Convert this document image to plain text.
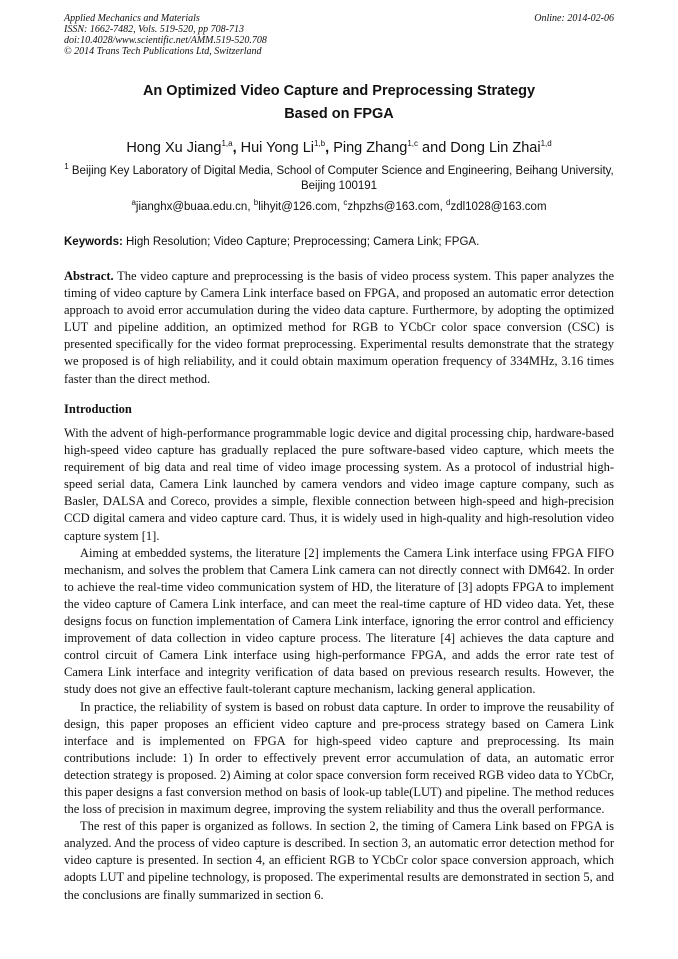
Applied Mechanics and Materials
ISSN: 1662-7482, Vols. 519-520, pp 708-713
doi:10.4028/www.scientific.net/AMM.519-520.708
© 2014 Trans Tech Publications Ltd, Switzerland
Online: 2014-02-06
An Optimized Video Capture and Preprocessing Strategy
Based on FPGA
Hong Xu Jiang$^{1,a}$, Hui Yong Li$^{1,b}$, Ping Zhang$^{1,c}$ and Dong Lin Zhai$^{1,d}$
$^1$ Beijing Key Laboratory of Digital Media, School of Computer Science and Engineering, Beihang University, Beijing 100191
$^a$jianghx@buaa.edu.cn, $^b$lihyit@126.com, $^c$zhpzhs@163.com, $^d$zdl1028@163.com
Keywords: High Resolution; Video Capture; Preprocessing; Camera Link; FPGA.
Abstract. The video capture and preprocessing is the basis of video process system. This paper analyzes the timing of video capture by Camera Link interface based on FPGA, and proposed an automatic error detection approach to avoid error accumulation during the video data capture. Furthermore, by adopting the optimized LUT and pipeline addition, an optimized method for RGB to YCbCr color space conversion (CSC) is presented specifically for the video format preprocessing. Experimental results demonstrate that the strategy we proposed is of high reliability, and it could obtain maximum operation frequency of 334MHz, 3.16 times faster than the direct method.
Introduction

With the advent of high-performance programmable logic device and digital processing chip, hardware-based high-speed video capture has gradually replaced the pure software-based video capture, which meets the requirement of big data and real time of video image processing system. As a protocol of industrial high-speed serial data, Camera Link launched by camera vendors and video image capture company, such as Basler, DALSA and Coreco, provides a simple, flexible connection between high-speed and high-precision CCD digital camera and video capture card. Thus, it is widely used in high-quality and high-resolution video capture system [1].

Aiming at embedded systems, the literature [2] implements the Camera Link interface using FPGA FIFO mechanism, and solves the problem that Camera Link camera can not directly connect with DM642. In order to achieve the real-time video communication system of HD, the literature of [3] adopts FPGA to implement the video capture of Camera Link interface, and can meet the real-time capture of HD video data. Yet, these designs focus on function implementation of Camera Link interface, ignoring the error control and efficiency improvement of data collection in video capture process. The literature [4] achieves the data capture and control circuit of Camera Link interface using high-performance FPGA, and adds the error rate test of Camera Link interface and integrity verification of data based on previous research results. However, the study does not give an effective fault-tolerant capture mechanism, lacking general application.

In practice, the reliability of system is based on robust data capture. In order to improve the reusability of design, this paper proposes an efficient video capture and pre-process strategy based on Camera Link interface and is implemented on FPGA for high-speed video capture and preprocessing. Its main contributions include: 1) In order to effectively prevent error accumulation of data, an automatic error detection strategy is proposed. 2) Aiming at color space conversion form received RGB video data to YCbCr, this paper designs a fast conversion method on basis of look-up table(LUT) and pipeline. The method reduces the loss of precision in maximum degree, improving the system reliability and thus the overall performance.

The rest of this paper is organized as follows. In section 2, the timing of Camera Link based on FPGA is analyzed. And the process of video capture is described. In section 3, an automatic error detection method for video capture is presented. In section 4, an efficient RGB to YCbCr color space conversion approach, which adopts LUT and pipeline technology, is proposed. The experimental results are demonstrated in section 5, and the conclusions are finally summarized in section 6.
